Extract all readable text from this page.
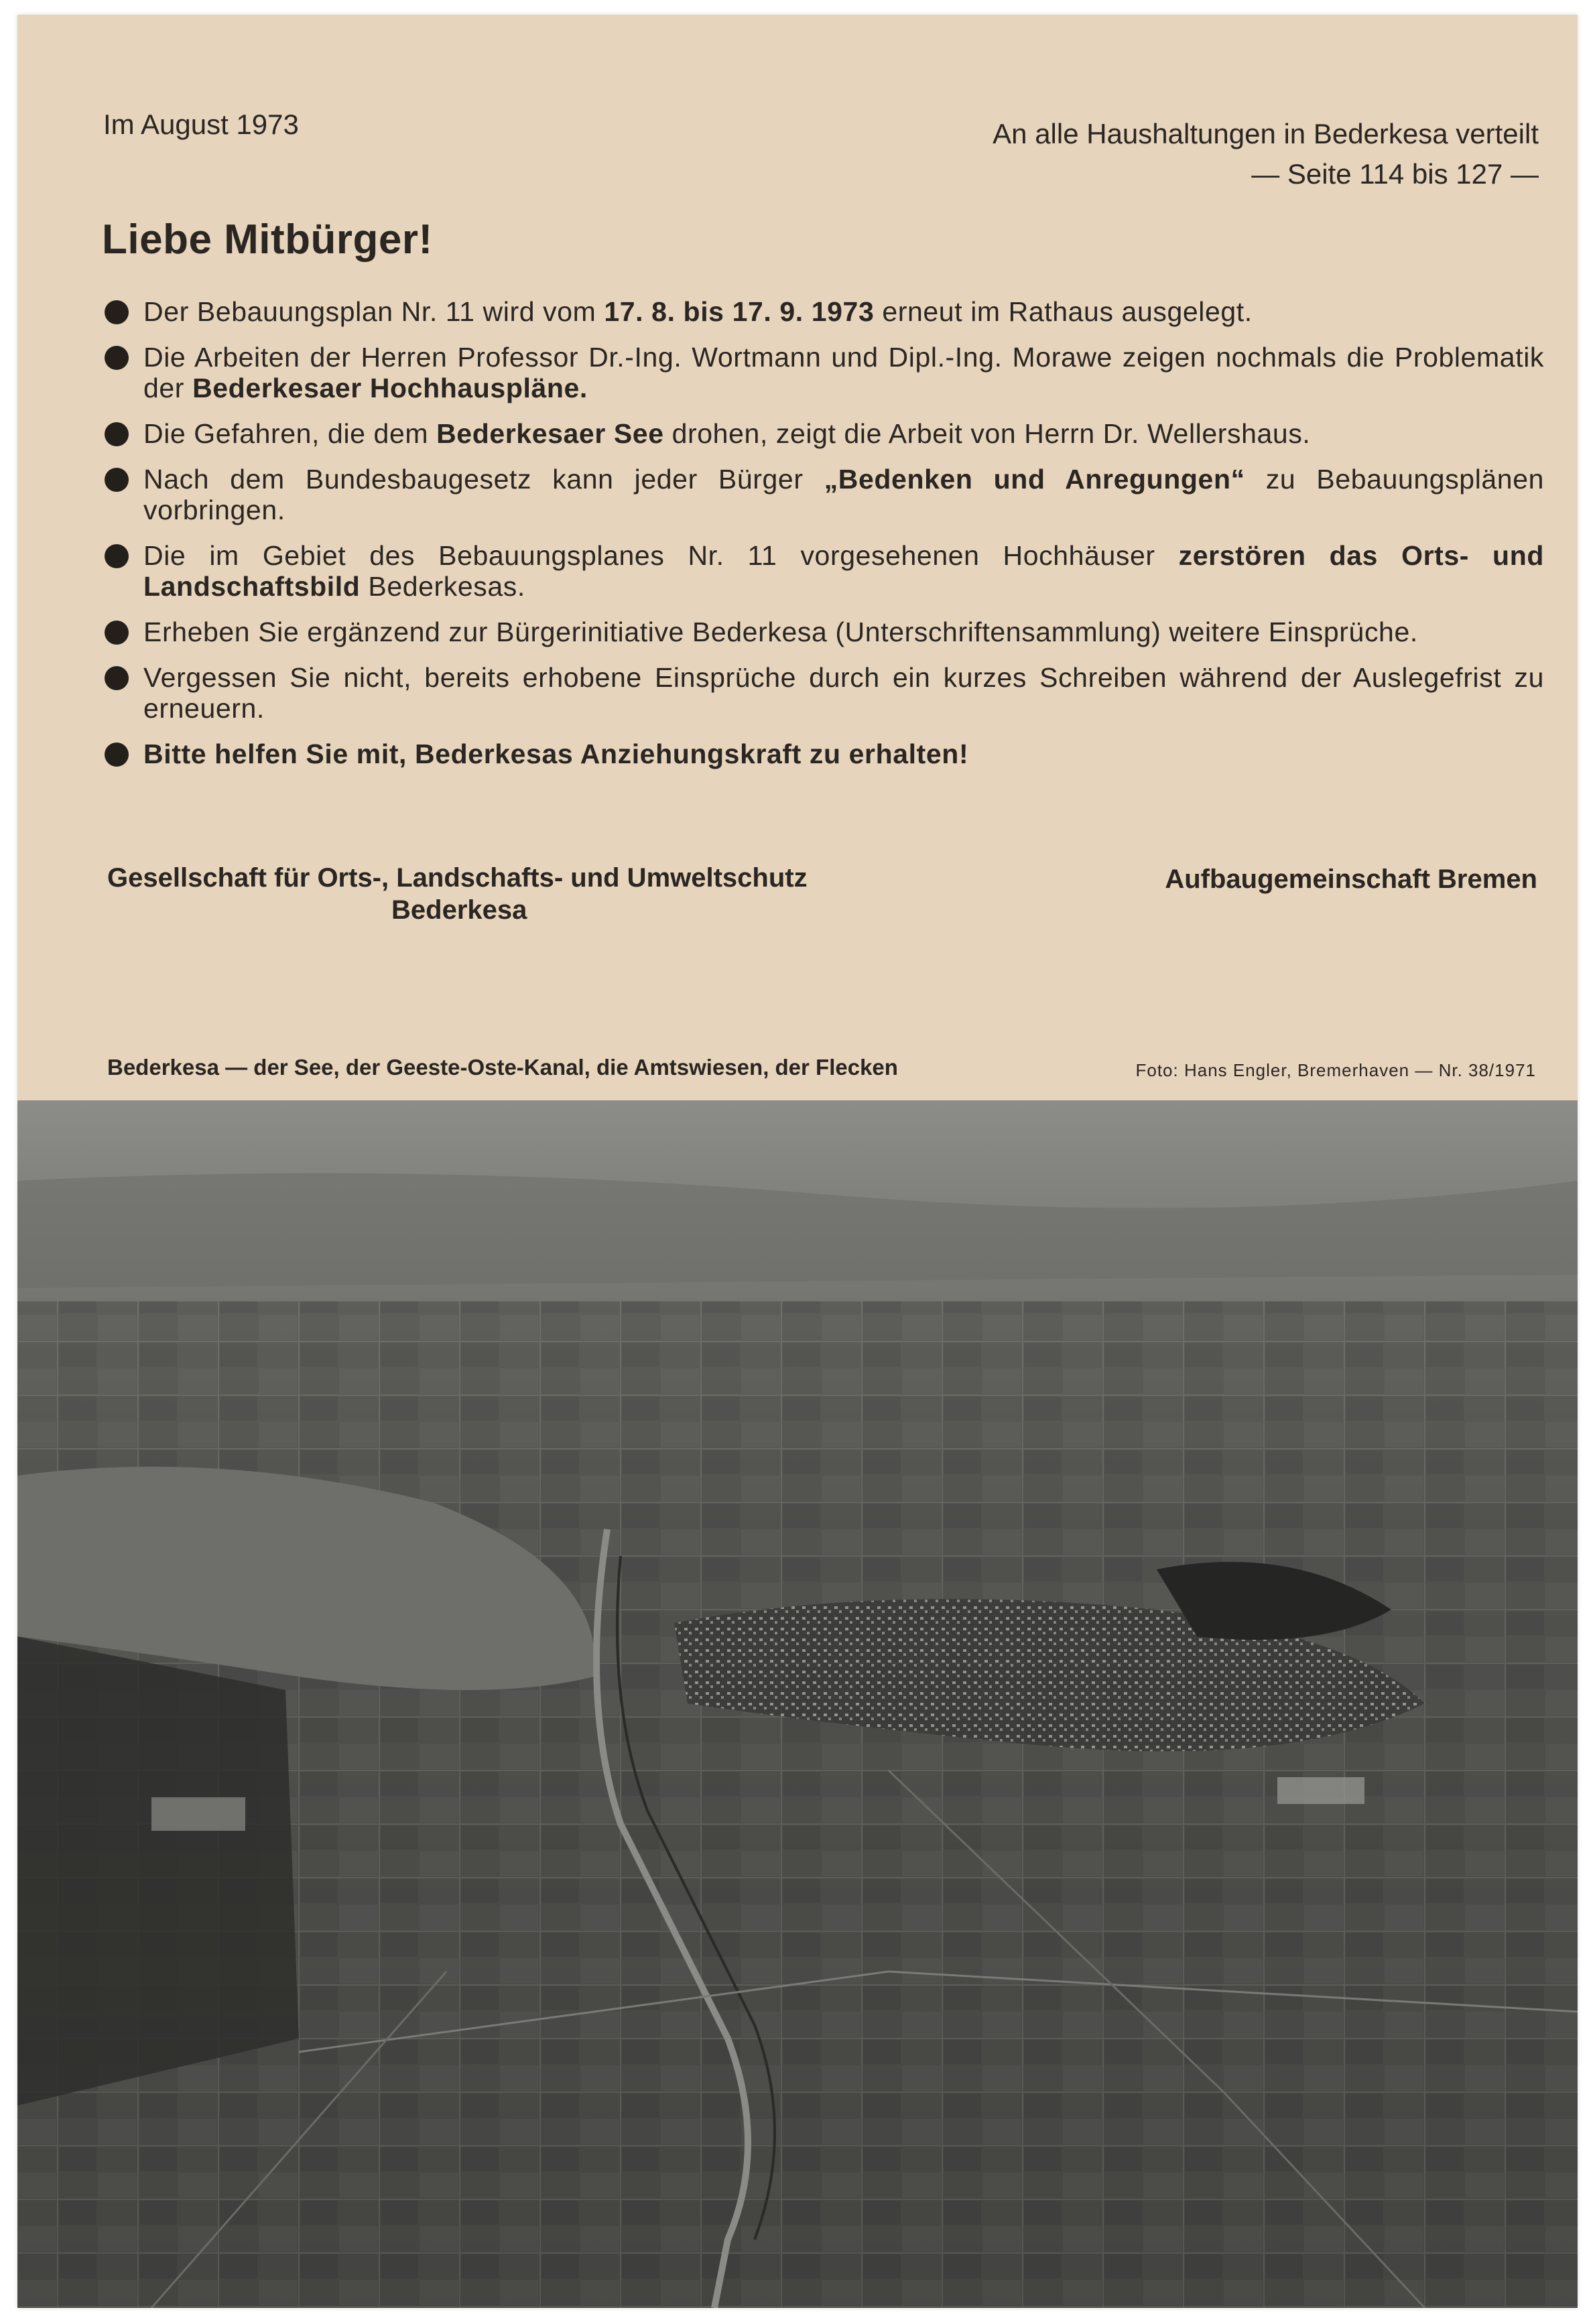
Im August 1973	An alle Haushaltungen in Bederkesa verteilt
— Seite 114 bis 127 —
Liebe Mitbürger!
Der Bebauungsplan Nr. 11 wird vom 17. 8. bis 17. 9. 1973 erneut im Rathaus ausgelegt.
Die Arbeiten der Herren Professor Dr.-Ing. Wortmann und Dipl.-Ing. Morawe zeigen nochmals die Problematik der Bederkesaer Hochhauspläne.
Die Gefahren, die dem Bederkesaer See drohen, zeigt die Arbeit von Herrn Dr. Wellershaus.
Nach dem Bundesbaugesetz kann jeder Bürger „Bedenken und Anregungen“ zu Bebauungsplänen vorbringen.
Die im Gebiet des Bebauungsplanes Nr. 11 vorgesehenen Hochhäuser zerstören das Orts- und Landschaftsbild Bederkesas.
Erheben Sie ergänzend zur Bürgerinitiative Bederkesa (Unterschriftensammlung) weitere Einsprüche.
Vergessen Sie nicht, bereits erhobene Einsprüche durch ein kurzes Schreiben während der Auslegefrist zu erneuern.
Bitte helfen Sie mit, Bederkesas Anziehungskraft zu erhalten!
Gesellschaft für Orts-, Landschafts- und Umweltschutz
Bederkesa
Aufbaugemeinschaft Bremen
Bederkesa — der See, der Geeste-Oste-Kanal, die Amtswiesen, der Flecken	Foto: Hans Engler, Bremerhaven — Nr. 38/1971
